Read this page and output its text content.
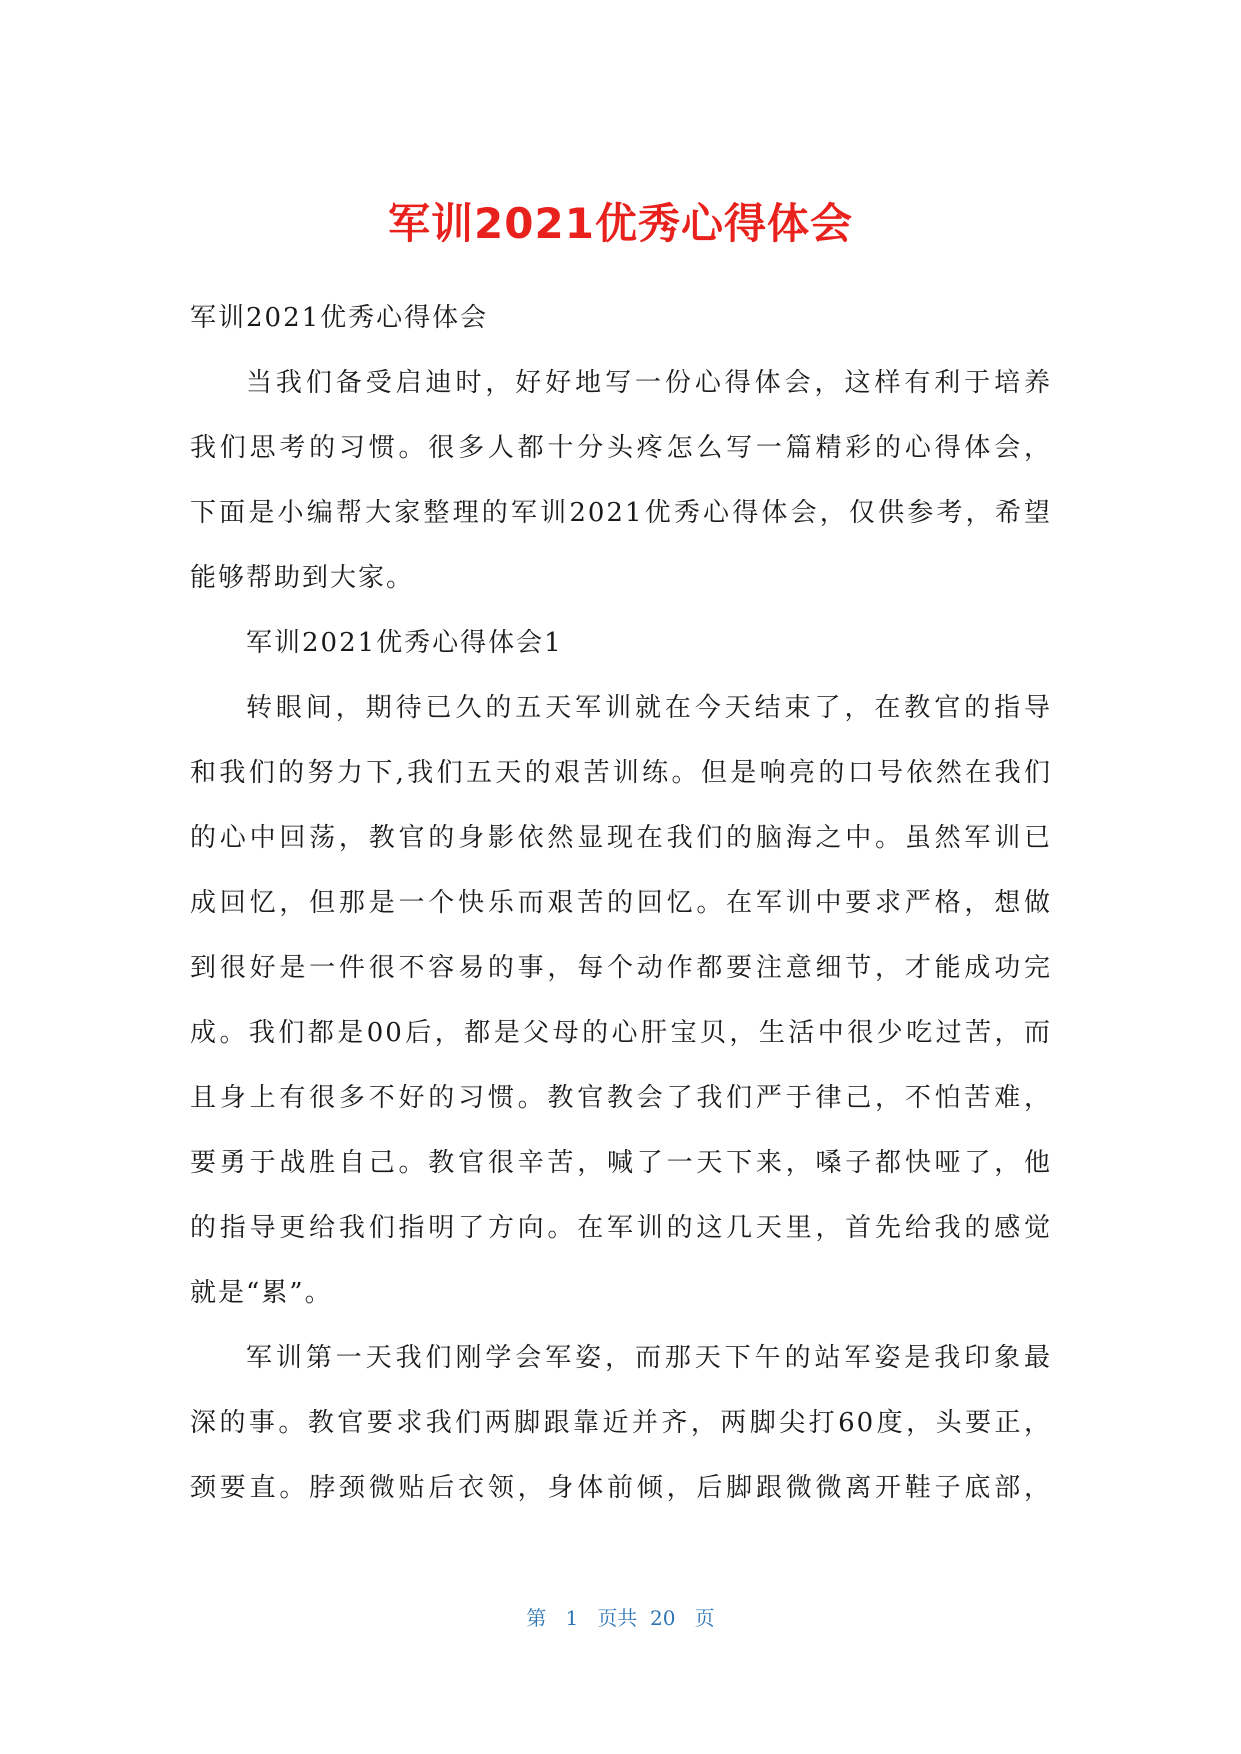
军训2021优秀心得体会

军训2021优秀心得体会

当我们备受启迪时，好好地写一份心得体会，这样有利于培养

我们思考的习惯。很多人都十分头疼怎么写一篇精彩的心得体会，

下面是小编帮大家整理的军训2021优秀心得体会，仅供参考，希望

能够帮助到大家。

军训2021优秀心得体会1

转眼间，期待已久的五天军训就在今天结束了，在教官的指导

和我们的努力下,我们五天的艰苦训练。但是响亮的口号依然在我们

的心中回荡，教官的身影依然显现在我们的脑海之中。虽然军训已

成回忆，但那是一个快乐而艰苦的回忆。在军训中要求严格，想做

到很好是一件很不容易的事，每个动作都要注意细节，才能成功完

成。我们都是00后，都是父母的心肝宝贝，生活中很少吃过苦，而

且身上有很多不好的习惯。教官教会了我们严于律己，不怕苦难，

要勇于战胜自己。教官很辛苦，喊了一天下来，嗓子都快哑了，他

的指导更给我们指明了方向。在军训的这几天里，首先给我的感觉

就是“累”。

军训第一天我们刚学会军姿，而那天下午的站军姿是我印象最

深的事。教官要求我们两脚跟靠近并齐，两脚尖打60度，头要正，

颈要直。脖颈微贴后衣领，身体前倾，后脚跟微微离开鞋子底部，

第 1 页共 20 页
